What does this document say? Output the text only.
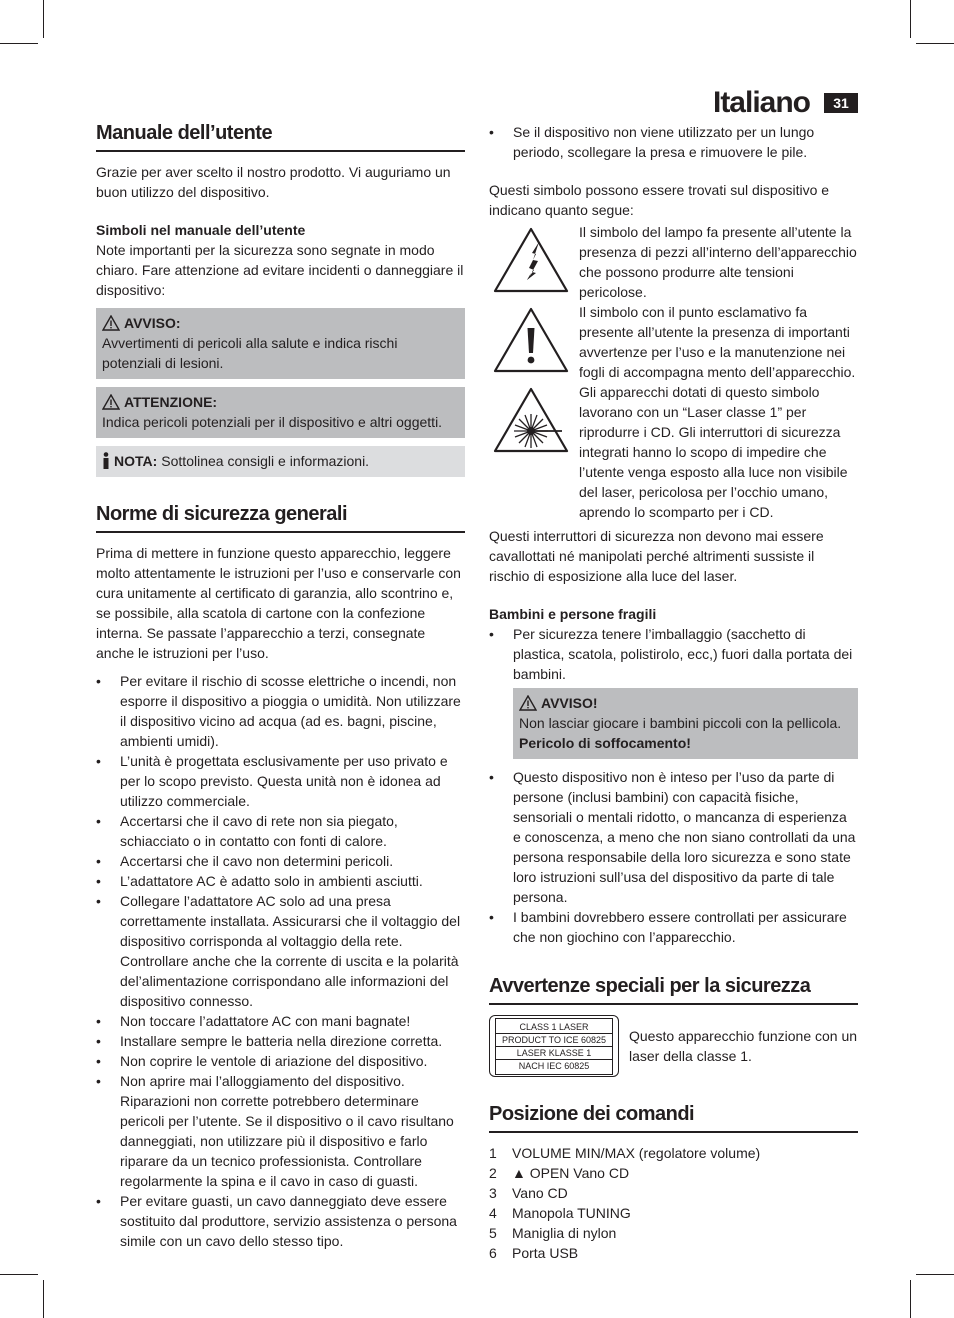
Italiano	31
Manuale dell’utente

Grazie per aver scelto il nostro prodotto. Vi auguriamo un buon utilizzo del dispositivo.

Simboli nel manuale dell’utente

Note importanti per la sicurezza sono segnate in modo chiaro. Fare attenzione ad evitare incidenti o danneggiare il dispositivo:

AVVISO:
Avvertimenti di pericoli alla salute e indica rischi potenziali di lesioni.
ATTENZIONE:
Indica pericoli potenziali per il dispositivo e altri oggetti.
NOTA: Sottolinea consigli e informazioni.
Norme di sicurezza generali

Prima di mettere in funzione questo apparecchio, leggere molto attentamente le istruzioni per l’uso e conservarle con cura unitamente al certificato di garanzia, allo scontrino e, se possibile, alla scatola di cartone con la confezione interna. Se passate l’apparecchio a terzi, consegnate anche le istruzioni per l’uso.

• Per evitare il rischio di scosse elettriche o incendi, non esporre il dispositivo a pioggia o umidità. Non utilizzare il dispositivo vicino ad acqua (ad es. bagni, piscine, ambienti umidi).
• L’unità è progettata esclusivamente per uso privato e per lo scopo previsto. Questa unità non è idonea ad utilizzo commerciale.
• Accertarsi che il cavo di rete non sia piegato, schiacciato o in contatto con fonti di calore.
• Accertarsi che il cavo non determini pericoli.
• L’adattatore AC è adatto solo in ambienti asciutti.
• Collegare l’adattatore AC solo ad una presa correttamente installata. Assicurarsi che il voltaggio del dispositivo corrisponda al voltaggio della rete. Controllare anche che la corrente di uscita e la polarità del’alimentazione corrispondano alle informazioni del dispositivo connesso.
• Non toccare l’adattatore AC con mani bagnate!
• Installare sempre le batteria nella direzione corretta.
• Non coprire le ventole di ariazione del dispositivo.
• Non aprire mai l’alloggiamento del dispositivo. Riparazioni non corrette potrebbero determinare pericoli per l’utente. Se il dispositivo o il cavo risultano danneggiati, non utilizzare più il dispositivo e farlo riparare da un tecnico professionista. Controllare regolarmente la spina e il cavo in caso di guasti.
• Per evitare guasti, un cavo danneggiato deve essere sostituito dal produttore, servizio assistenza o persona simile con un cavo dello stesso tipo.
• Se il dispositivo non viene utilizzato per un lungo periodo, scollegare la presa e rimuovere le pile.

Questi simbolo possono essere trovati sul dispositivo e indicano quanto segue:

Il simbolo del lampo fa presente all’utente la presenza di pezzi all’interno dell’apparecchio che possono produrre alte tensioni pericolose.
Il simbolo con il punto esclamativo fa presente all’utente la presenza di importanti avvertenze per l’uso e la manutenzione nei fogli di accompagna mento dell’apparecchio.
Gli apparecchi dotati di questo simbolo lavorano con un “Laser classe 1” per riprodurre i CD. Gli interruttori di sicurezza integrati hanno lo scopo di impedire che l’utente venga esposto alla luce non visibile del laser, pericolosa per l’occhio umano, aprendo lo scomparto per i CD.

Questi interruttori di sicurezza non devono mai essere cavallottati né manipolati perché altrimenti sussiste il rischio di esposizione alla luce del laser.

Bambini e persone fragili
• Per sicurezza tenere l’imballaggio (sacchetto di plastica, scatola, polistirolo, ecc,) fuori dalla portata dei bambini.
AVVISO!
Non lasciar giocare i bambini piccoli con la pellicola.
Pericolo di soffocamento!
• Questo dispositivo non è inteso per l’uso da parte di persone (inclusi bambini) con capacità fisiche, sensoriali o mentali ridotto, o mancanza di esperienza e conoscenza, a meno che non siano controllati da una persona responsabile della loro sicurezza e sono state loro istruzioni sull’usa del dispositivo da parte di tale persona.
• I bambini dovrebbero essere controllati per assicurare che non giochino con l’apparecchio.
Avvertenze speciali per la sicurezza
CLASS 1 LASER
PRODUCT TO ICE 60825
LASER KLASSE 1
NACH IEC 60825
Questo apparecchio funzione con un laser della classe 1.
Posizione dei comandi
1	VOLUME MIN/MAX (regolatore volume)
2	▲ OPEN Vano CD
3	Vano CD
4	Manopola TUNING
5	Maniglia di nylon
6	Porta USB
